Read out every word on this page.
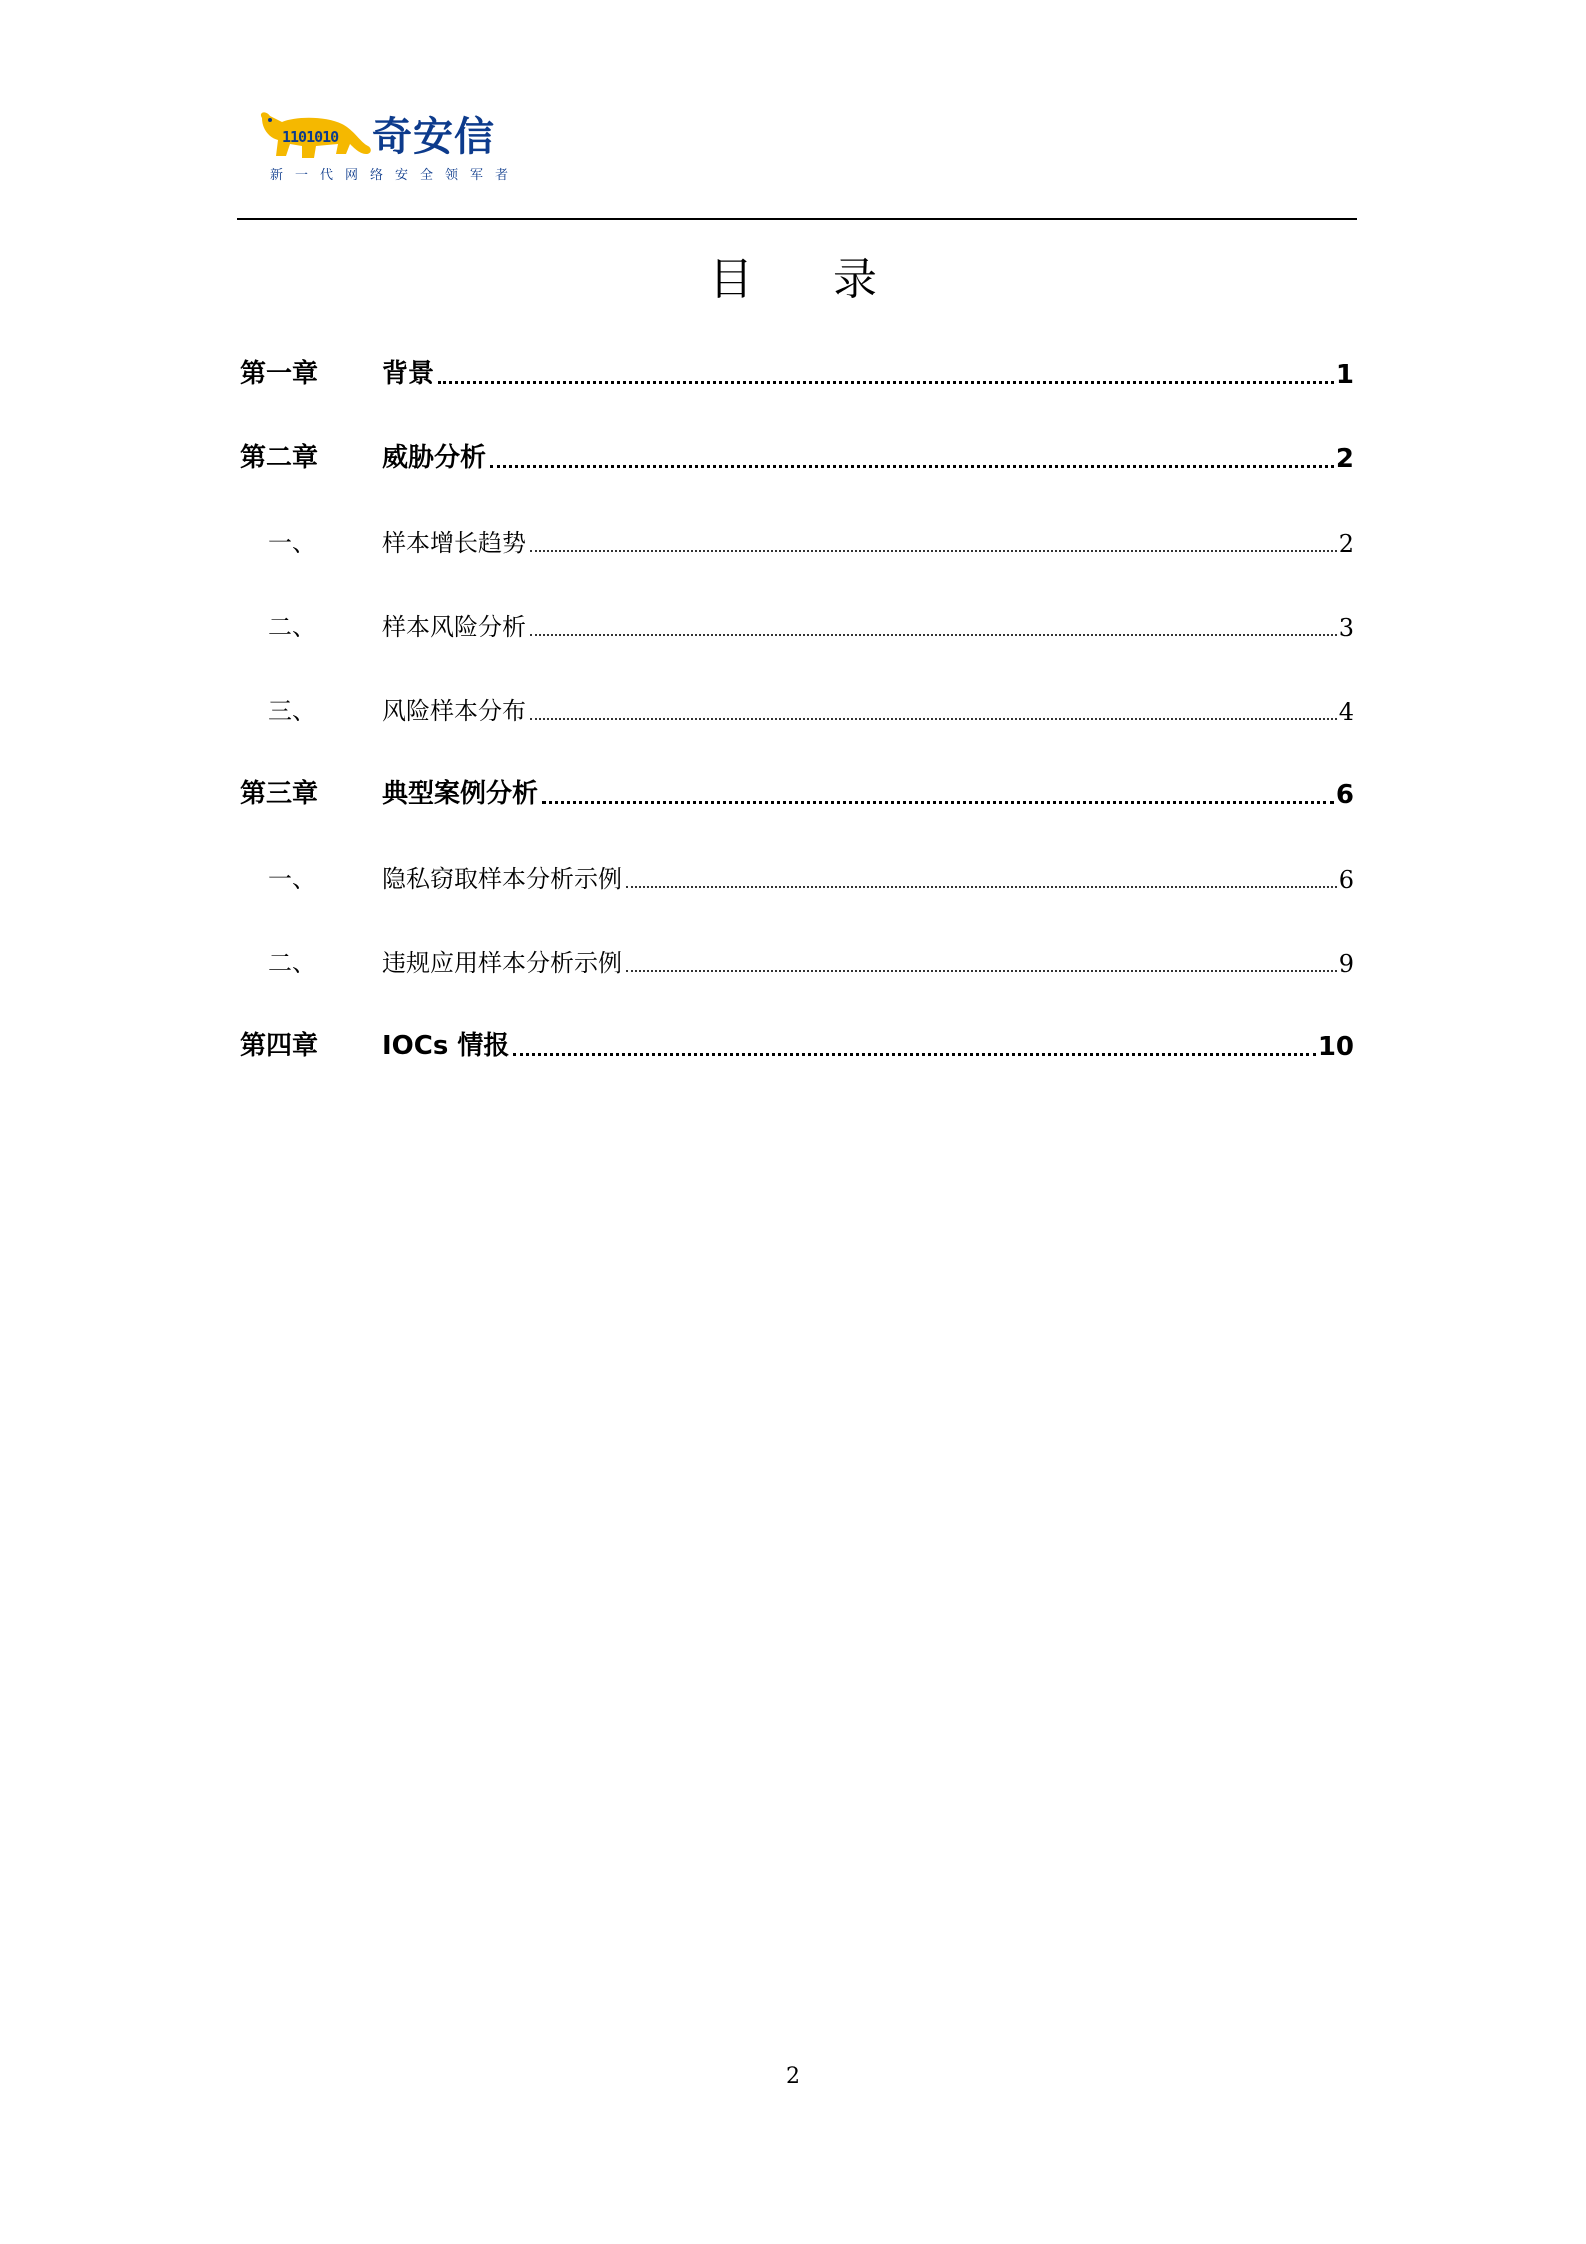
1101010 奇安信
新一代网络安全领军者
目 录
第一章	背景	1
第二章	威胁分析	2
一、	样本增长趋势	2
二、	样本风险分析	3
三、	风险样本分布	4
第三章	典型案例分析	6
一、	隐私窃取样本分析示例	6
二、	违规应用样本分析示例	9
第四章	IOCs 情报	10
2
